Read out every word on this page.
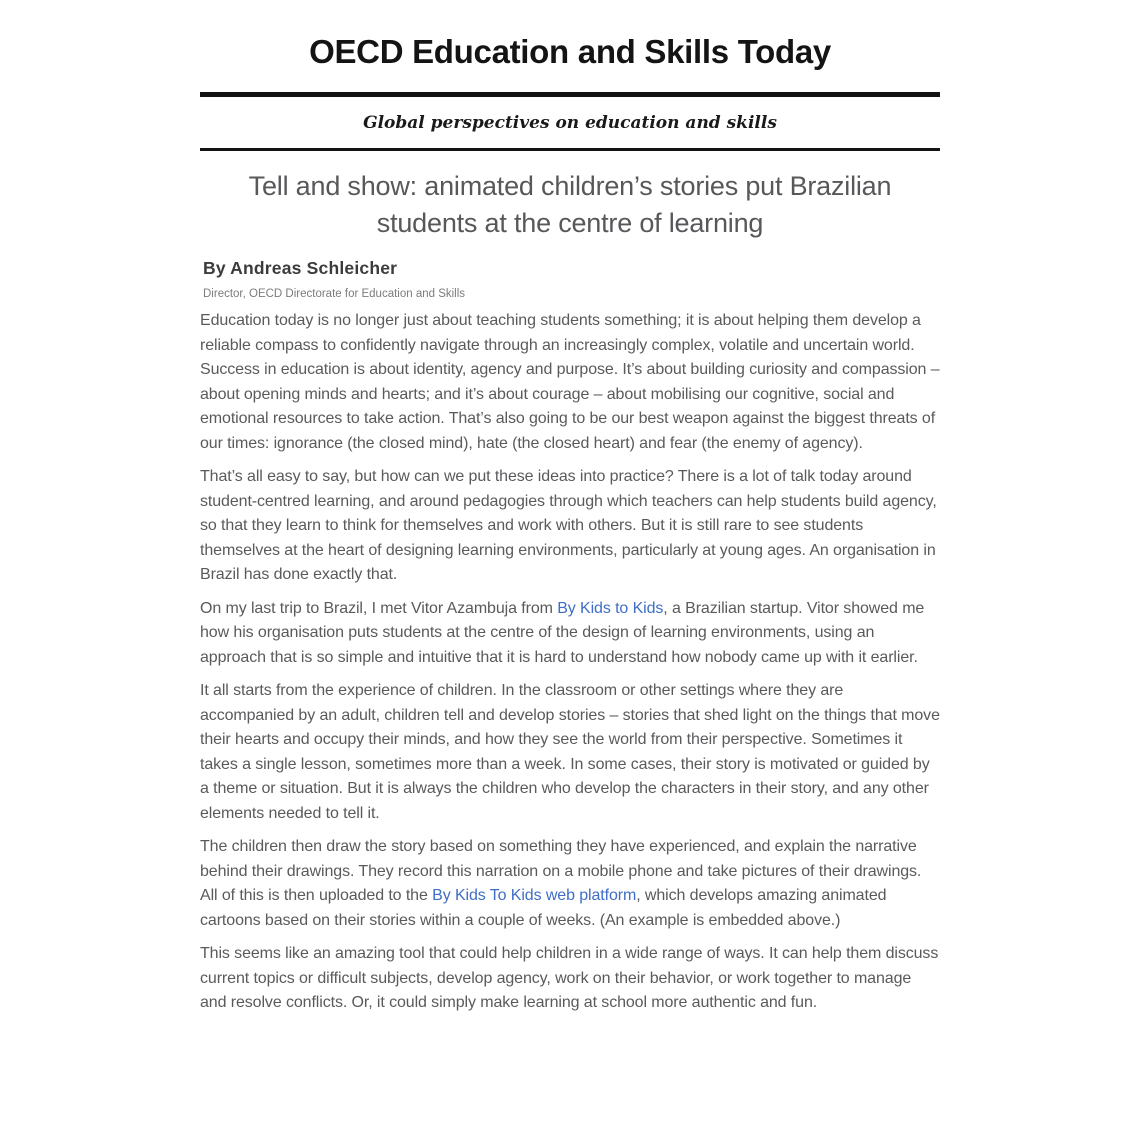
OECD Education and Skills Today
Global perspectives on education and skills
Tell and show: animated children’s stories put Brazilian students at the centre of learning
By Andreas Schleicher
Director, OECD Directorate for Education and Skills

Education today is no longer just about teaching students something; it is about helping them develop a reliable compass to confidently navigate through an increasingly complex, volatile and uncertain world. Success in education is about identity, agency and purpose. It’s about building curiosity and compassion – about opening minds and hearts; and it’s about courage – about mobilising our cognitive, social and emotional resources to take action. That’s also going to be our best weapon against the biggest threats of our times: ignorance (the closed mind), hate (the closed heart) and fear (the enemy of agency).

That’s all easy to say, but how can we put these ideas into practice? There is a lot of talk today around student-centred learning, and around pedagogies through which teachers can help students build agency, so that they learn to think for themselves and work with others. But it is still rare to see students themselves at the heart of designing learning environments, particularly at young ages. An organisation in Brazil has done exactly that.

On my last trip to Brazil, I met Vitor Azambuja from By Kids to Kids, a Brazilian startup. Vitor showed me how his organisation puts students at the centre of the design of learning environments, using an approach that is so simple and intuitive that it is hard to understand how nobody came up with it earlier.

It all starts from the experience of children. In the classroom or other settings where they are accompanied by an adult, children tell and develop stories – stories that shed light on the things that move their hearts and occupy their minds, and how they see the world from their perspective. Sometimes it takes a single lesson, sometimes more than a week. In some cases, their story is motivated or guided by a theme or situation. But it is always the children who develop the characters in their story, and any other elements needed to tell it.

The children then draw the story based on something they have experienced, and explain the narrative behind their drawings. They record this narration on a mobile phone and take pictures of their drawings. All of this is then uploaded to the By Kids To Kids web platform, which develops amazing animated cartoons based on their stories within a couple of weeks. (An example is embedded above.)

This seems like an amazing tool that could help children in a wide range of ways. It can help them discuss current topics or difficult subjects, develop agency, work on their behavior, or work together to manage and resolve conflicts. Or, it could simply make learning at school more authentic and fun.
